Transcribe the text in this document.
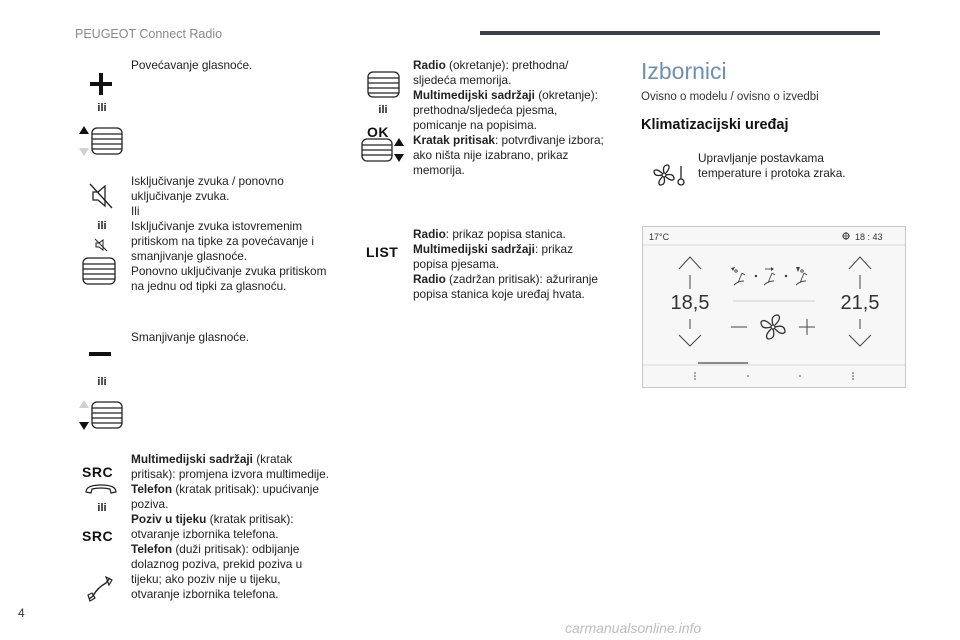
PEUGEOT Connect Radio
Povećavanje glasnoće.
ili
Isključivanje zvuka / ponovno
uključivanje zvuka.
Ili
Isključivanje zvuka istovremenim
pritiskom na tipke za povećavanje i
smanjivanje glasnoće.
Ponovno uključivanje zvuka pritiskom
na jednu od tipki za glasnoću.
ili
Smanjivanje glasnoće.
ili
SRC
ili
SRC
Multimedijski sadržaji (kratak pritisak): promjena izvora multimedije.
Telefon (kratak pritisak): upućivanje poziva.
Poziv u tijeku (kratak pritisak): otvaranje izbornika telefona.
Telefon (duži pritisak): odbijanje dolaznog poziva, prekid poziva u tijeku; ako poziv nije u tijeku, otvaranje izbornika telefona.
ili
OK
Radio (okretanje): prethodna/ sljedeća memorija.
Multimedijski sadržaji (okretanje): prethodna/sljedeća pjesma, pomicanje na popisima.
Kratak pritisak: potvrđivanje izbora; ako ništa nije izabrano, prikaz memorija.
LIST
Radio: prikaz popisa stanica.
Multimedijski sadržaji: prikaz popisa pjesama.
Radio (zadržan pritisak): ažuriranje popisa stanica koje uređaj hvata.
Izbornici
Ovisno o modelu / ovisno o izvedbi
Klimatizacijski uređaj
Upravljanje postavkama temperature i protoka zraka.
17°C	18 : 43
18,5	21,5
4
carmanualsonline.info
